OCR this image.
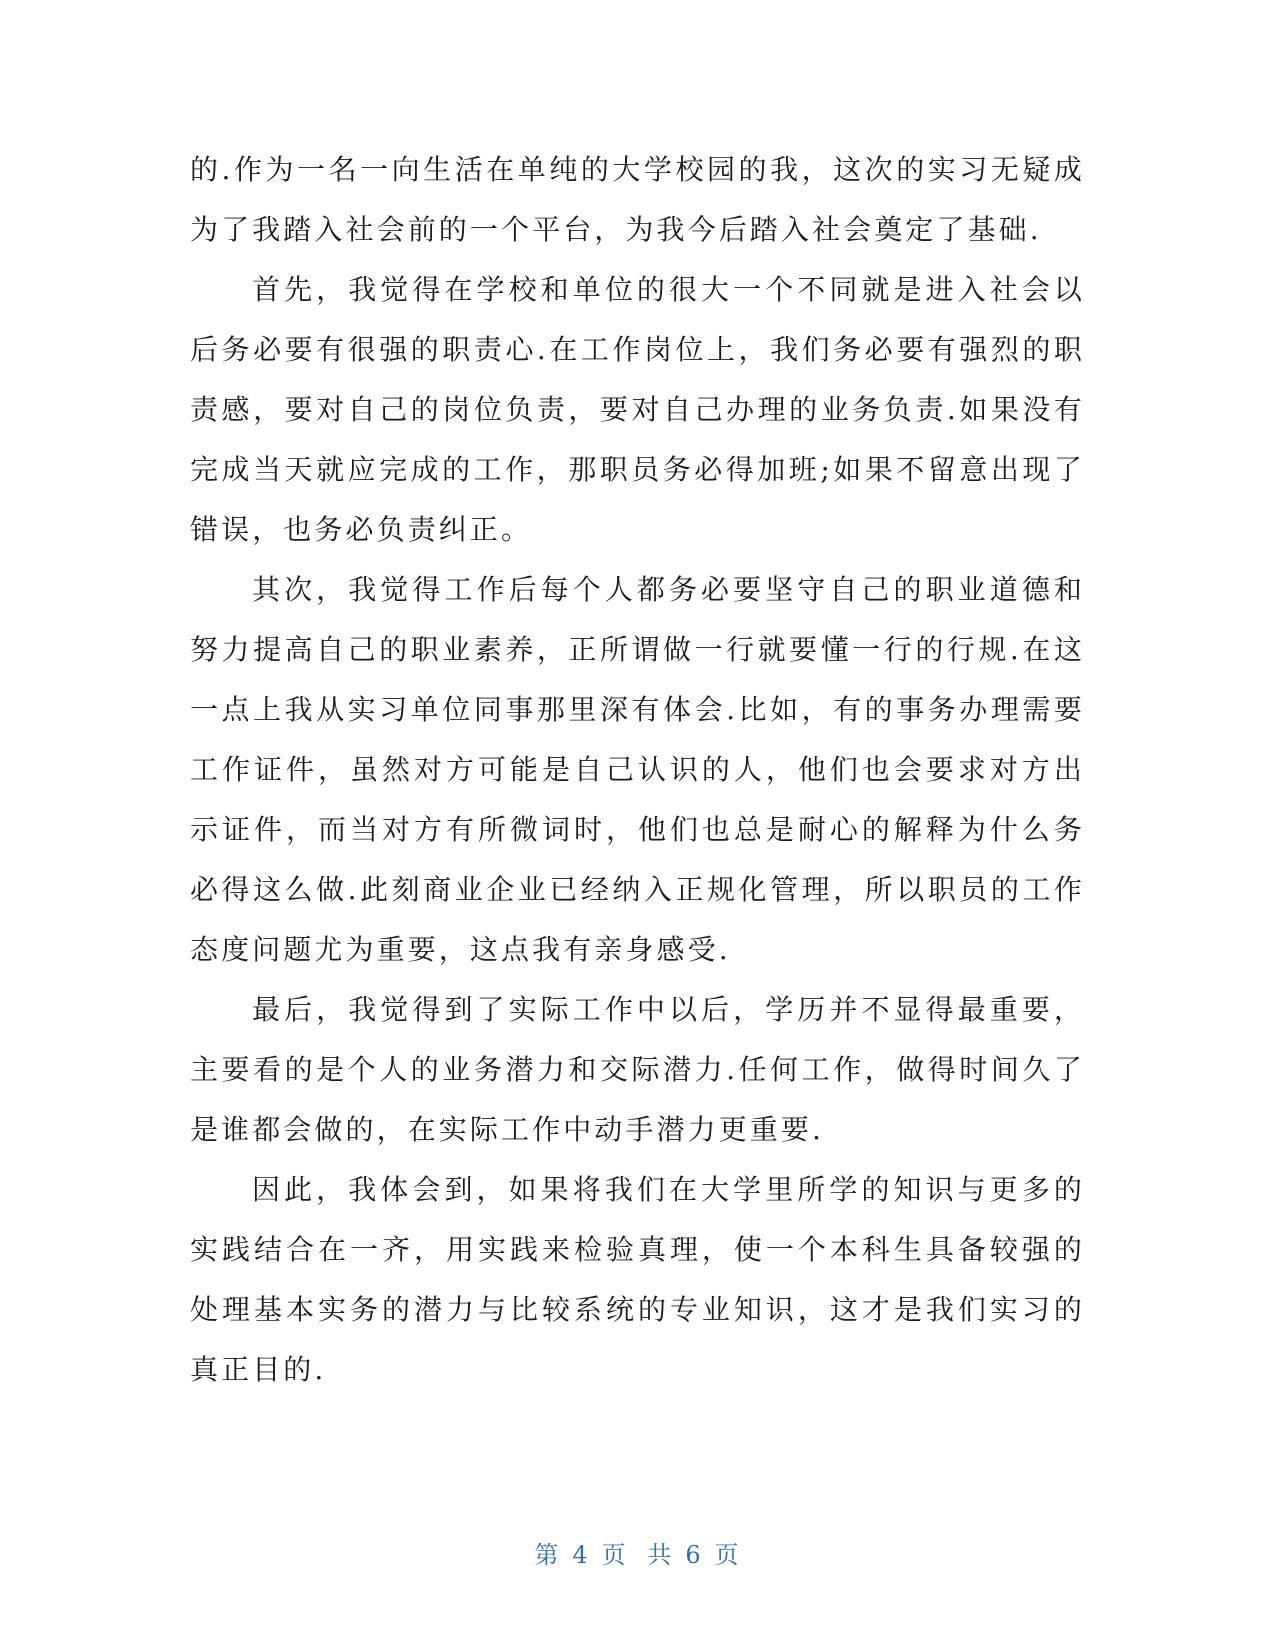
的.作为一名一向生活在单纯的大学校园的我，这次的实习无疑成为了我踏入社会前的一个平台，为我今后踏入社会奠定了基础.

首先，我觉得在学校和单位的很大一个不同就是进入社会以后务必要有很强的职责心.在工作岗位上，我们务必要有强烈的职责感，要对自己的岗位负责，要对自己办理的业务负责.如果没有完成当天就应完成的工作，那职员务必得加班;如果不留意出现了错误，也务必负责纠正。

其次，我觉得工作后每个人都务必要坚守自己的职业道德和努力提高自己的职业素养，正所谓做一行就要懂一行的行规.在这一点上我从实习单位同事那里深有体会.比如，有的事务办理需要工作证件，虽然对方可能是自己认识的人，他们也会要求对方出示证件，而当对方有所微词时，他们也总是耐心的解释为什么务必得这么做.此刻商业企业已经纳入正规化管理，所以职员的工作态度问题尤为重要，这点我有亲身感受.

最后，我觉得到了实际工作中以后，学历并不显得最重要，主要看的是个人的业务潜力和交际潜力.任何工作，做得时间久了是谁都会做的，在实际工作中动手潜力更重要.

因此，我体会到，如果将我们在大学里所学的知识与更多的实践结合在一齐，用实践来检验真理，使一个本科生具备较强的处理基本实务的潜力与比较系统的专业知识，这才是我们实习的真正目的.

第 4 页 共 6 页
